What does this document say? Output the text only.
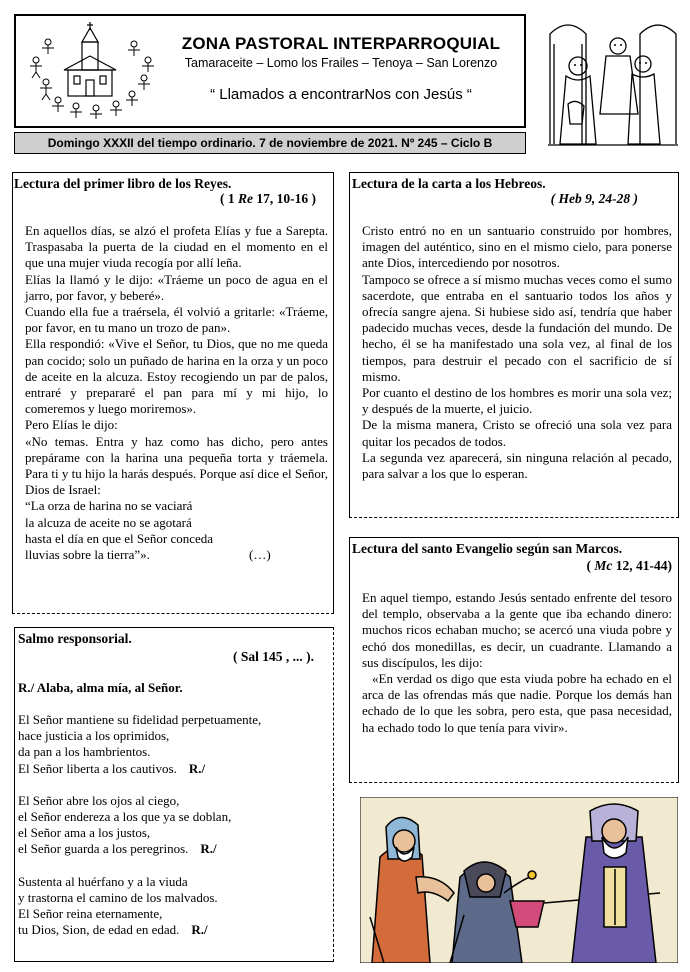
ZONA PASTORAL INTERPARROQUIAL
Tamaraceite – Lomo los Frailes – Tenoya – San Lorenzo
“ Llamados a encontrarNos con Jesús “
Domingo XXXII del tiempo ordinario. 7 de noviembre de 2021. Nº 245 – Ciclo B
Lectura del primer libro de los Reyes.
( 1 Re 17, 10-16 )

En aquellos días, se alzó el profeta Elías y fue a Sarepta. Traspasaba la puerta de la ciudad en el momento en el que una mujer viuda recogía por allí leña.

Elías la llamó y le dijo: «Tráeme un poco de agua en el jarro, por favor, y beberé».

Cuando ella fue a traérsela, él volvió a gritarle: «Tráeme, por favor, en tu mano un trozo de pan».

Ella respondió: «Vive el Señor, tu Dios, que no me queda pan cocido; solo un puñado de harina en la orza y un poco de aceite en la alcuza. Estoy recogiendo un par de palos, entraré y prepararé el pan para mí y mi hijo, lo comeremos y luego moriremos».

Pero Elías le dijo:

«No temas. Entra y haz como has dicho, pero antes prepárame con la harina una pequeña torta y tráemela. Para ti y tu hijo la harás después. Porque así dice el Señor, Dios de Israel:

“La orza de harina no se vaciará

la alcuza de aceite no se agotará

hasta el día en que el Señor conceda

lluvias sobre la tierra”».	(…)

Salmo responsorial.
( Sal 145 , ... ).
R./ Alaba, alma mía, al Señor.

El Señor mantiene su fidelidad perpetuamente,

hace justicia a los oprimidos,

da pan a los hambrientos.

El Señor liberta a los cautivos. R./

El Señor abre los ojos al ciego,

el Señor endereza a los que ya se doblan,

el Señor ama a los justos,

el Señor guarda a los peregrinos. R./

Sustenta al huérfano y a la viuda

y trastorna el camino de los malvados.

El Señor reina eternamente,

tu Dios, Sion, de edad en edad. R./

Lectura de la carta a los Hebreos.
( Heb 9, 24-28 )

Cristo entró no en un santuario construido por hombres, imagen del auténtico, sino en el mismo cielo, para ponerse ante Dios, intercediendo por nosotros.

Tampoco se ofrece a sí mismo muchas veces como el sumo sacerdote, que entraba en el santuario todos los años y ofrecía sangre ajena. Si hubiese sido así, tendría que haber padecido muchas veces, desde la fundación del mundo. De hecho, él se ha manifestado una sola vez, al final de los tiempos, para destruir el pecado con el sacrificio de sí mismo.

Por cuanto el destino de los hombres es morir una sola vez; y después de la muerte, el juicio.

De la misma manera, Cristo se ofreció una sola vez para quitar los pecados de todos.

La segunda vez aparecerá, sin ninguna relación al pecado, para salvar a los que lo esperan.

Lectura del santo Evangelio según san Marcos.
( Mc 12, 41-44)

En aquel tiempo, estando Jesús sentado enfrente del tesoro del templo, observaba a la gente que iba echando dinero: muchos ricos echaban mucho; se acercó una viuda pobre y echó dos monedillas, es decir, un cuadrante. Llamando a sus discípulos, les dijo:

«En verdad os digo que esta viuda pobre ha echado en el arca de las ofrendas más que nadie. Porque los demás han echado de lo que les sobra, pero esta, que pasa necesidad, ha echado todo lo que tenía para vivir».
